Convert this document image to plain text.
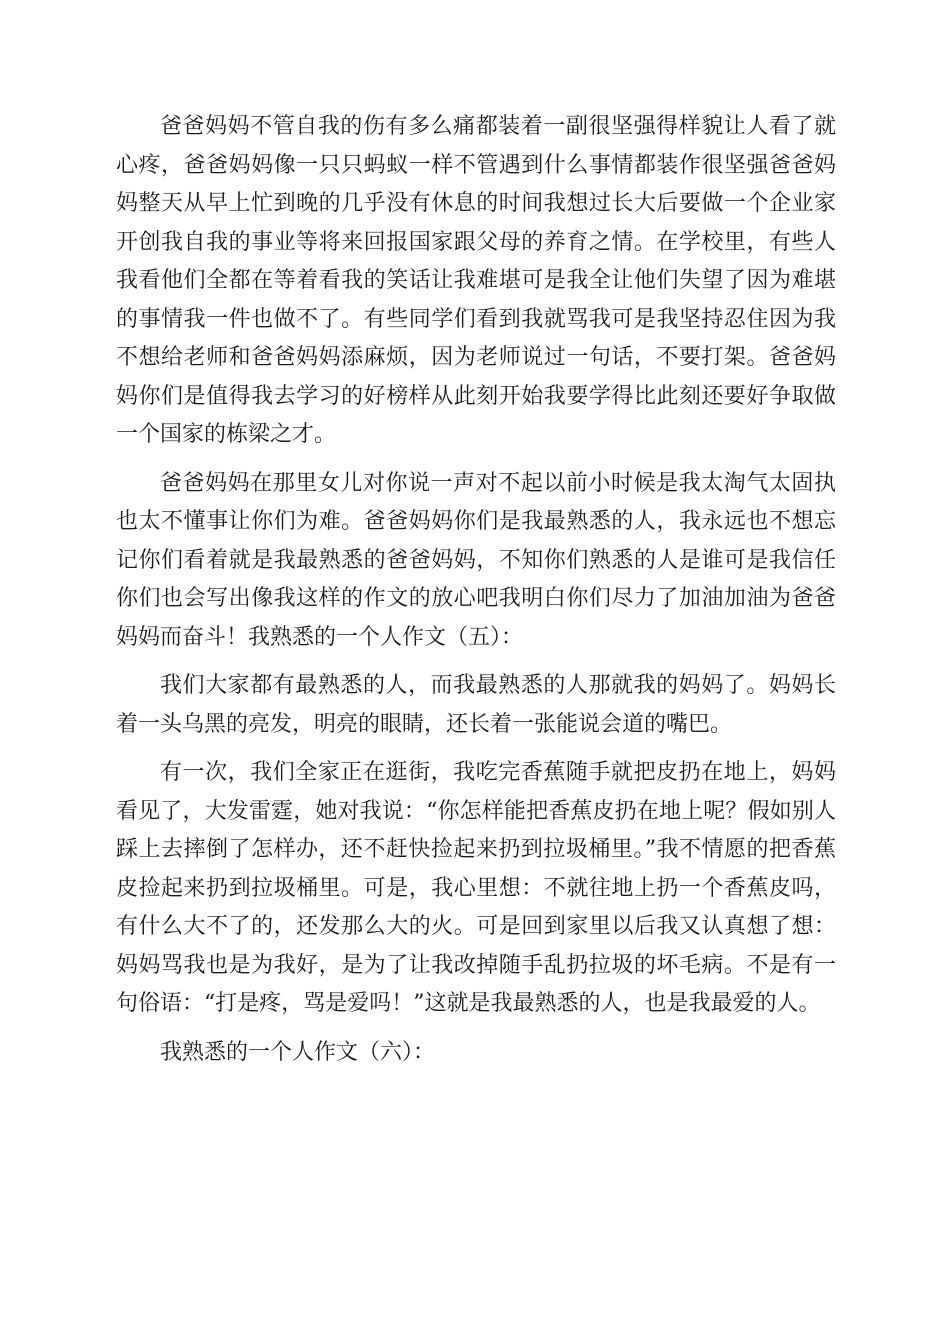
爸爸妈妈不管自我的伤有多么痛都装着一副很坚强得样貌让人看了就心疼，爸爸妈妈像一只只蚂蚁一样不管遇到什么事情都装作很坚强爸爸妈妈整天从早上忙到晚的几乎没有休息的时间我想过长大后要做一个企业家开创我自我的事业等将来回报国家跟父母的养育之情。在学校里，有些人我看他们全都在等着看我的笑话让我难堪可是我全让他们失望了因为难堪的事情我一件也做不了。有些同学们看到我就骂我可是我坚持忍住因为我不想给老师和爸爸妈妈添麻烦，因为老师说过一句话，不要打架。爸爸妈妈你们是值得我去学习的好榜样从此刻开始我要学得比此刻还要好争取做一个国家的栋梁之才。

爸爸妈妈在那里女儿对你说一声对不起以前小时候是我太淘气太固执也太不懂事让你们为难。爸爸妈妈你们是我最熟悉的人，我永远也不想忘记你们看着就是我最熟悉的爸爸妈妈，不知你们熟悉的人是谁可是我信任你们也会写出像我这样的作文的放心吧我明白你们尽力了加油加油为爸爸妈妈而奋斗！我熟悉的一个人作文（五）：

我们大家都有最熟悉的人，而我最熟悉的人那就我的妈妈了。妈妈长着一头乌黑的亮发，明亮的眼睛，还长着一张能说会道的嘴巴。

有一次，我们全家正在逛街，我吃完香蕉随手就把皮扔在地上，妈妈看见了，大发雷霆，她对我说：“你怎样能把香蕉皮扔在地上呢？假如别人踩上去摔倒了怎样办，还不赶快捡起来扔到拉圾桶里。”我不情愿的把香蕉皮捡起来扔到拉圾桶里。可是，我心里想：不就往地上扔一个香蕉皮吗，有什么大不了的，还发那么大的火。可是回到家里以后我又认真想了想：妈妈骂我也是为我好，是为了让我改掉随手乱扔拉圾的坏毛病。不是有一句俗语：“打是疼，骂是爱吗！”这就是我最熟悉的人，也是我最爱的人。

我熟悉的一个人作文（六）：
